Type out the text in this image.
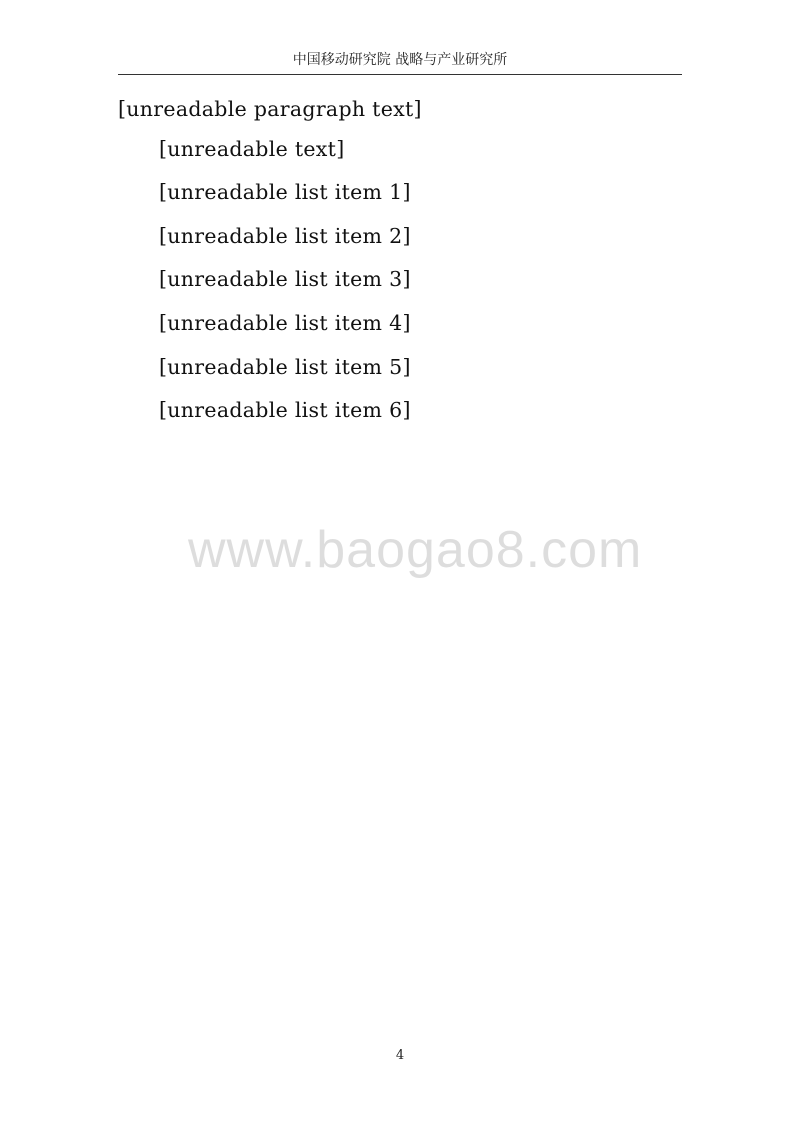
中国移动研究院 战略与产业研究所

[unreadable paragraph text]

[unreadable text]

[unreadable list item 1]

[unreadable list item 2]

[unreadable list item 3]

[unreadable list item 4]

[unreadable list item 5]

[unreadable list item 6]

www.baogao8.com
4
